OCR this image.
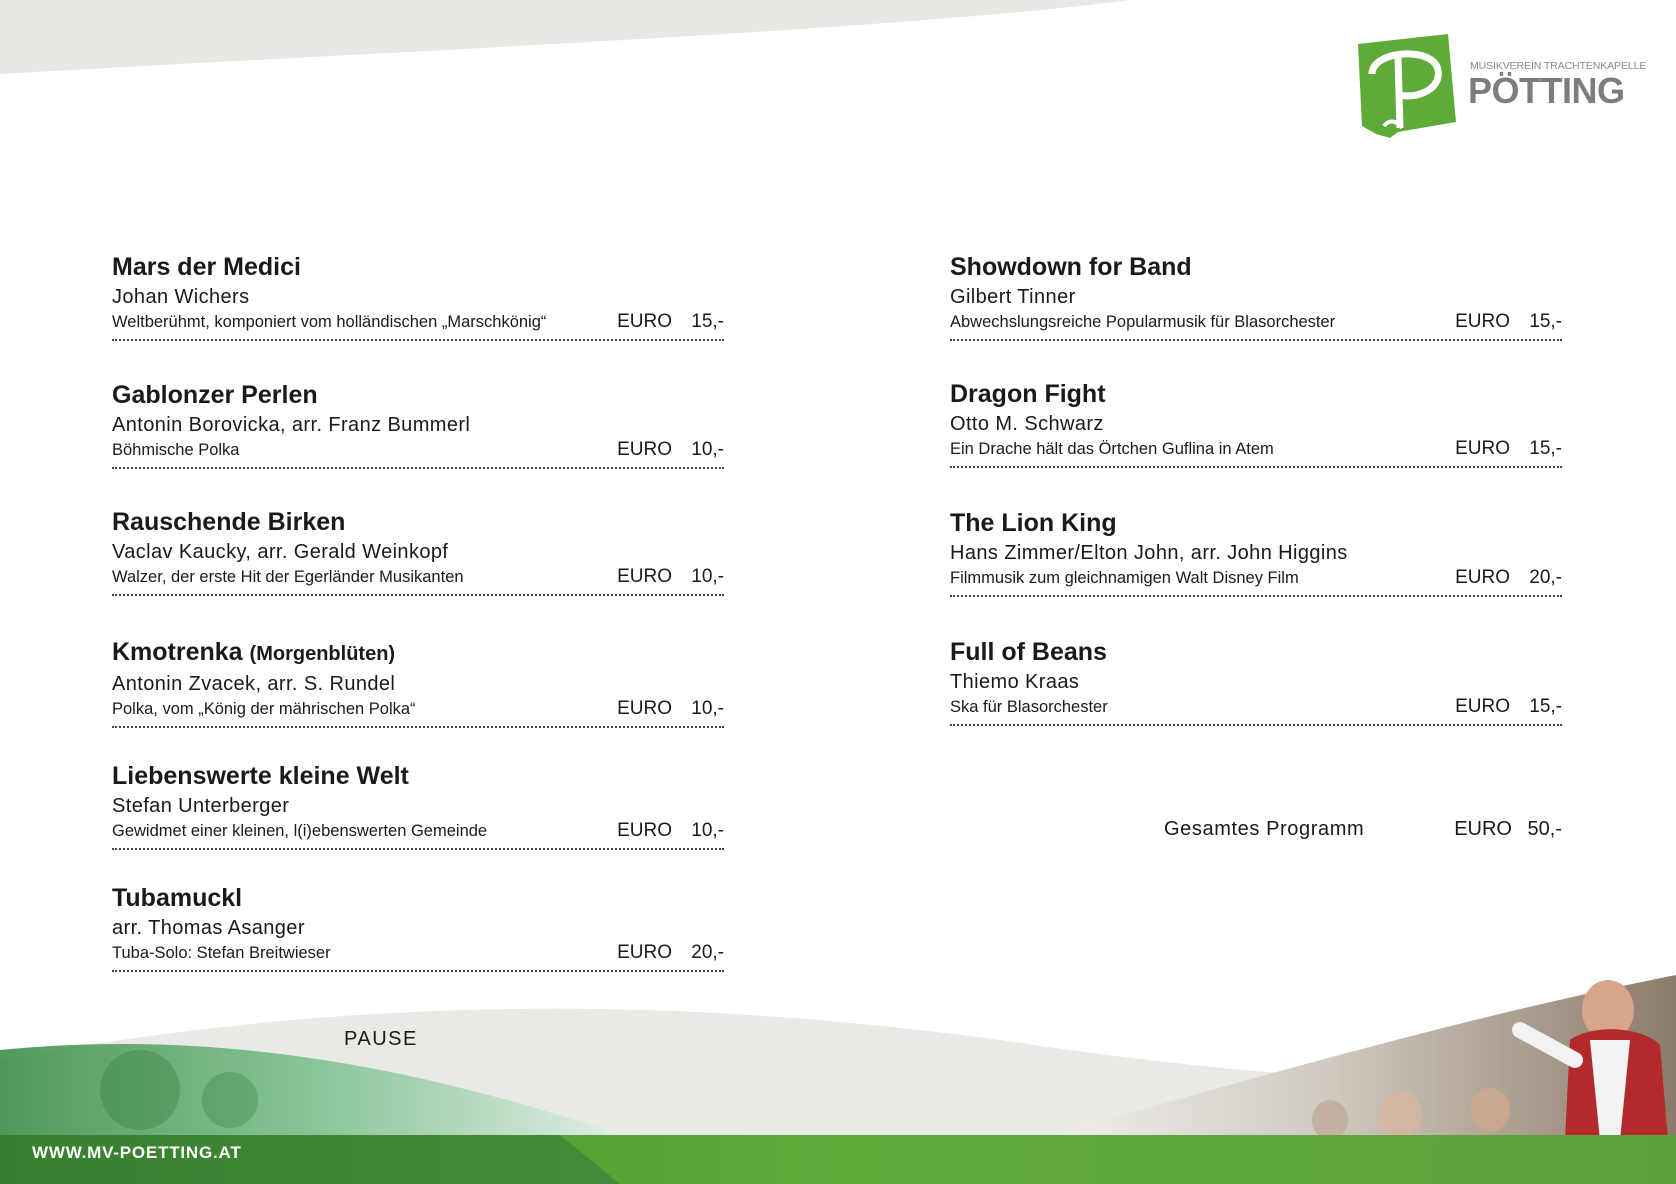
MUSIKVEREIN TRACHTENKAPELLE
PÖTTING
Mars der Medici
Johan Wichers
Weltberühmt, komponiert vom holländischen „Marschkönig“	EURO 15,-
Gablonzer Perlen
Antonin Borovicka, arr. Franz Bummerl
Böhmische Polka	EURO 10,-
Rauschende Birken
Vaclav Kaucky, arr. Gerald Weinkopf
Walzer, der erste Hit der Egerländer Musikanten	EURO 10,-
Kmotrenka (Morgenblüten)
Antonin Zvacek, arr. S. Rundel
Polka, vom „König der mährischen Polka“	EURO 10,-
Liebenswerte kleine Welt
Stefan Unterberger
Gewidmet einer kleinen, l(i)ebenswerten Gemeinde	EURO 10,-
Tubamuckl
arr. Thomas Asanger
Tuba-Solo: Stefan Breitwieser	EURO 20,-
Showdown for Band
Gilbert Tinner
Abwechslungsreiche Popularmusik für Blasorchester	EURO 15,-
Dragon Fight
Otto M. Schwarz
Ein Drache hält das Örtchen Guflina in Atem	EURO 15,-
The Lion King
Hans Zimmer/Elton John, arr. John Higgins
Filmmusik zum gleichnamigen Walt Disney Film	EURO 20,-
Full of Beans
Thiemo Kraas
Ska für Blasorchester	EURO 15,-
Gesamtes Programm	EURO 50,-
PAUSE
WWW.MV-POETTING.AT
